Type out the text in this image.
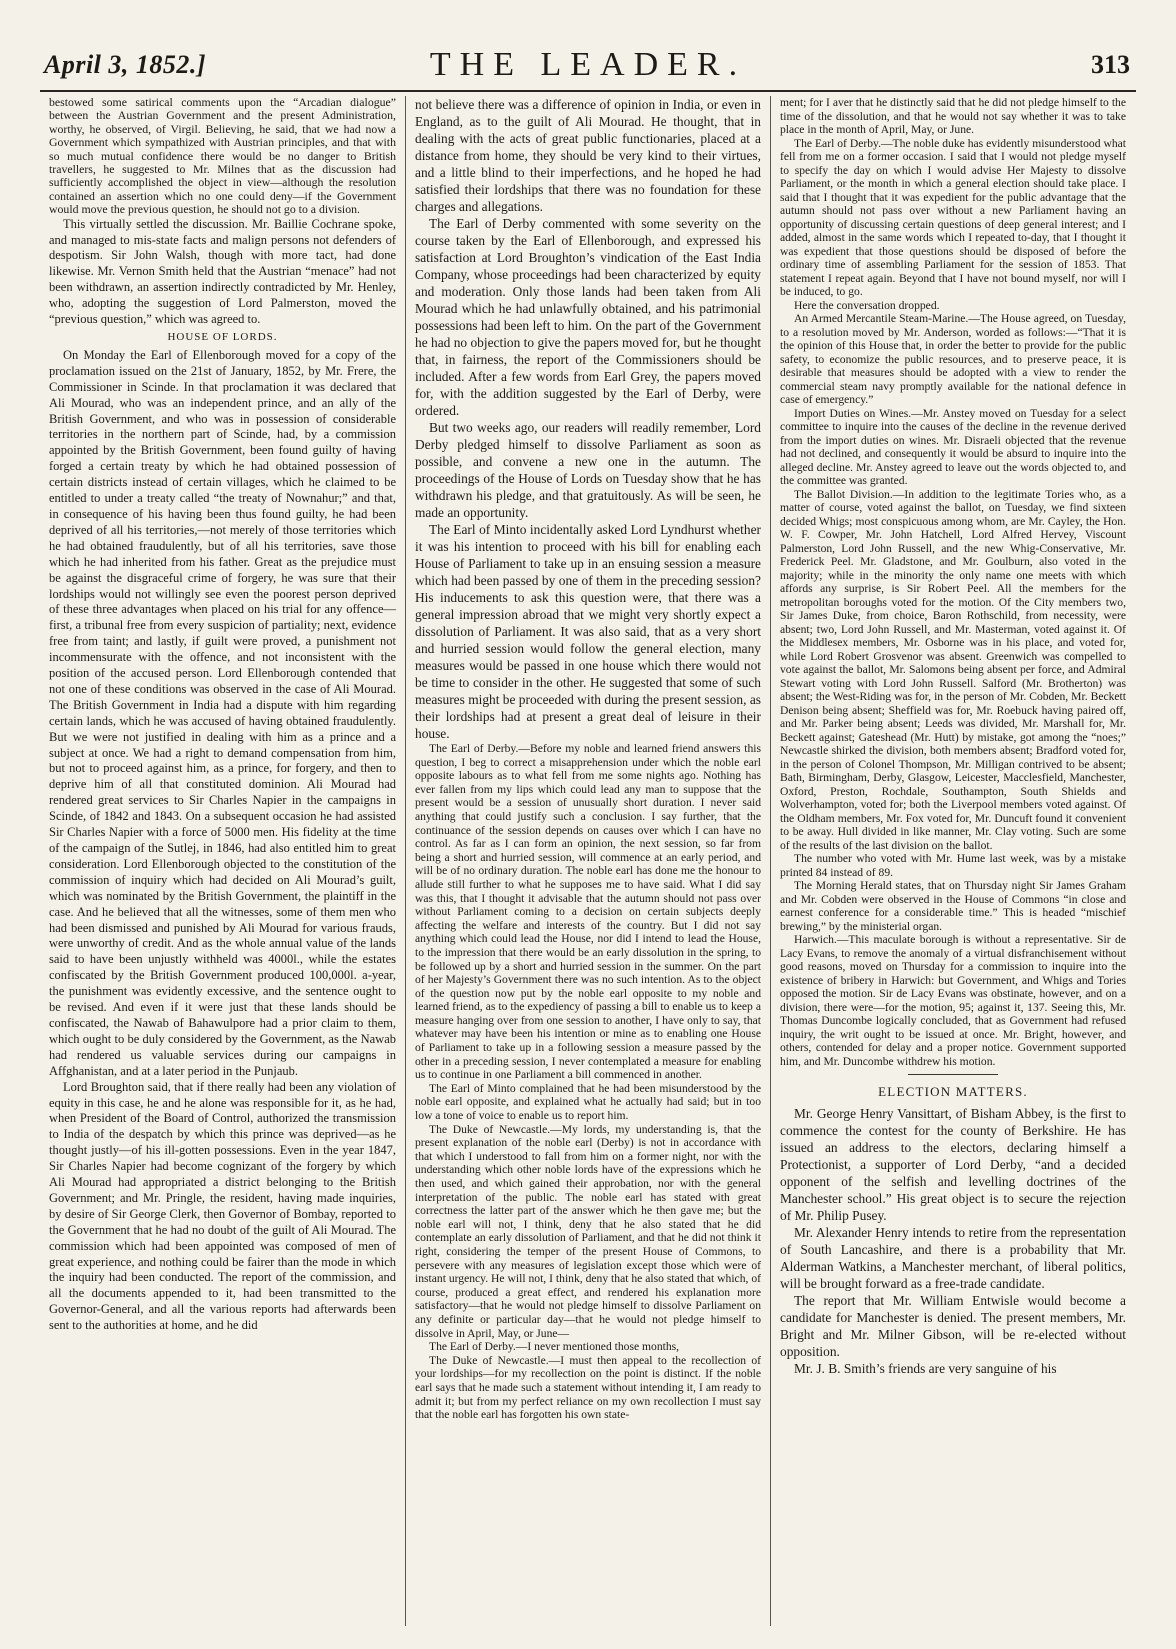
April 3, 1852.]	THE LEADER.	313

bestowed some satirical comments upon the “Arcadian dialogue” between the Austrian Government and the present Administration, worthy, he observed, of Virgil. Believing, he said, that we had now a Government which sympathized with Austrian principles, and that with so much mutual confidence there would be no danger to British travellers, he suggested to Mr. Milnes that as the discussion had sufficiently accomplished the object in view—although the resolution contained an assertion which no one could deny—if the Government would move the previous question, he should not go to a division.

This virtually settled the discussion. Mr. Baillie Cochrane spoke, and managed to mis-state facts and malign persons not defenders of despotism. Sir John Walsh, though with more tact, had done likewise. Mr. Vernon Smith held that the Austrian “menace” had not been withdrawn, an assertion indirectly contradicted by Mr. Henley, who, adopting the suggestion of Lord Palmerston, moved the “previous question,” which was agreed to.

HOUSE OF LORDS.

On Monday the Earl of Ellenborough moved for a copy of the proclamation issued on the 21st of January, 1852, by Mr. Frere, the Commissioner in Scinde. In that proclamation it was declared that Ali Mourad, who was an independent prince, and an ally of the British Government, and who was in possession of considerable territories in the northern part of Scinde, had, by a commission appointed by the British Government, been found guilty of having forged a certain treaty by which he had obtained possession of certain districts instead of certain villages, which he claimed to be entitled to under a treaty called “the treaty of Nownahur;” and that, in consequence of his having been thus found guilty, he had been deprived of all his territories,—not merely of those territories which he had obtained fraudulently, but of all his territories, save those which he had inherited from his father. Great as the prejudice must be against the disgraceful crime of forgery, he was sure that their lordships would not willingly see even the poorest person deprived of these three advantages when placed on his trial for any offence—first, a tribunal free from every suspicion of partiality; next, evidence free from taint; and lastly, if guilt were proved, a punishment not incommensurate with the offence, and not inconsistent with the position of the accused person. Lord Ellenborough contended that not one of these conditions was observed in the case of Ali Mourad. The British Government in India had a dispute with him regarding certain lands, which he was accused of having obtained fraudulently. But we were not justified in dealing with him as a prince and a subject at once. We had a right to demand compensation from him, but not to proceed against him, as a prince, for forgery, and then to deprive him of all that constituted dominion. Ali Mourad had rendered great services to Sir Charles Napier in the campaigns in Scinde, of 1842 and 1843. On a subsequent occasion he had assisted Sir Charles Napier with a force of 5000 men. His fidelity at the time of the campaign of the Sutlej, in 1846, had also entitled him to great consideration. Lord Ellenborough objected to the constitution of the commission of inquiry which had decided on Ali Mourad’s guilt, which was nominated by the British Government, the plaintiff in the case. And he believed that all the witnesses, some of them men who had been dismissed and punished by Ali Mourad for various frauds, were unworthy of credit. And as the whole annual value of the lands said to have been unjustly withheld was 4000l., while the estates confiscated by the British Government produced 100,000l. a-year, the punishment was evidently excessive, and the sentence ought to be revised. And even if it were just that these lands should be confiscated, the Nawab of Bahawulpore had a prior claim to them, which ought to be duly considered by the Government, as the Nawab had rendered us valuable services during our campaigns in Affghanistan, and at a later period in the Punjaub.

Lord Broughton said, that if there really had been any violation of equity in this case, he and he alone was responsible for it, as he had, when President of the Board of Control, authorized the transmission to India of the despatch by which this prince was deprived—as he thought justly—of his ill-gotten possessions. Even in the year 1847, Sir Charles Napier had become cognizant of the forgery by which Ali Mourad had appropriated a district belonging to the British Government; and Mr. Pringle, the resident, having made inquiries, by desire of Sir George Clerk, then Governor of Bombay, reported to the Government that he had no doubt of the guilt of Ali Mourad. The commission which had been appointed was composed of men of great experience, and nothing could be fairer than the mode in which the inquiry had been conducted. The report of the commission, and all the documents appended to it, had been transmitted to the Governor-General, and all the various reports had afterwards been sent to the authorities at home, and he did

not believe there was a difference of opinion in India, or even in England, as to the guilt of Ali Mourad. He thought, that in dealing with the acts of great public functionaries, placed at a distance from home, they should be very kind to their virtues, and a little blind to their imperfections, and he hoped he had satisfied their lordships that there was no foundation for these charges and allegations.

The Earl of Derby commented with some severity on the course taken by the Earl of Ellenborough, and expressed his satisfaction at Lord Broughton’s vindication of the East India Company, whose proceedings had been characterized by equity and moderation. Only those lands had been taken from Ali Mourad which he had unlawfully obtained, and his patrimonial possessions had been left to him. On the part of the Government he had no objection to give the papers moved for, but he thought that, in fairness, the report of the Commissioners should be included. After a few words from Earl Grey, the papers moved for, with the addition suggested by the Earl of Derby, were ordered.

But two weeks ago, our readers will readily remember, Lord Derby pledged himself to dissolve Parliament as soon as possible, and convene a new one in the autumn. The proceedings of the House of Lords on Tuesday show that he has withdrawn his pledge, and that gratuitously. As will be seen, he made an opportunity.

The Earl of Minto incidentally asked Lord Lyndhurst whether it was his intention to proceed with his bill for enabling each House of Parliament to take up in an ensuing session a measure which had been passed by one of them in the preceding session? His inducements to ask this question were, that there was a general impression abroad that we might very shortly expect a dissolution of Parliament. It was also said, that as a very short and hurried session would follow the general election, many measures would be passed in one house which there would not be time to consider in the other. He suggested that some of such measures might be proceeded with during the present session, as their lordships had at present a great deal of leisure in their house.

The Earl of Derby.—Before my noble and learned friend answers this question, I beg to correct a misapprehension under which the noble earl opposite labours as to what fell from me some nights ago. Nothing has ever fallen from my lips which could lead any man to suppose that the present would be a session of unusually short duration. I never said anything that could justify such a conclusion. I say further, that the continuance of the session depends on causes over which I can have no control. As far as I can form an opinion, the next session, so far from being a short and hurried session, will commence at an early period, and will be of no ordinary duration. The noble earl has done me the honour to allude still further to what he supposes me to have said. What I did say was this, that I thought it advisable that the autumn should not pass over without Parliament coming to a decision on certain subjects deeply affecting the welfare and interests of the country. But I did not say anything which could lead the House, nor did I intend to lead the House, to the impression that there would be an early dissolution in the spring, to be followed up by a short and hurried session in the summer. On the part of her Majesty’s Government there was no such intention. As to the object of the question now put by the noble earl opposite to my noble and learned friend, as to the expediency of passing a bill to enable us to keep a measure hanging over from one session to another, I have only to say, that whatever may have been his intention or mine as to enabling one House of Parliament to take up in a following session a measure passed by the other in a preceding session, I never contemplated a measure for enabling us to continue in one Parliament a bill commenced in another.

The Earl of Minto complained that he had been misunderstood by the noble earl opposite, and explained what he actually had said; but in too low a tone of voice to enable us to report him.

The Duke of Newcastle.—My lords, my understanding is, that the present explanation of the noble earl (Derby) is not in accordance with that which I understood to fall from him on a former night, nor with the understanding which other noble lords have of the expressions which he then used, and which gained their approbation, nor with the general interpretation of the public. The noble earl has stated with great correctness the latter part of the answer which he then gave me; but the noble earl will not, I think, deny that he also stated that he did contemplate an early dissolution of Parliament, and that he did not think it right, considering the temper of the present House of Commons, to persevere with any measures of legislation except those which were of instant urgency. He will not, I think, deny that he also stated that which, of course, produced a great effect, and rendered his explanation more satisfactory—that he would not pledge himself to dissolve Parliament on any definite or particular day—that he would not pledge himself to dissolve in April, May, or June—

The Earl of Derby.—I never mentioned those months,

The Duke of Newcastle.—I must then appeal to the recollection of your lordships—for my recollection on the point is distinct. If the noble earl says that he made such a statement without intending it, I am ready to admit it; but from my perfect reliance on my own recollection I must say that the noble earl has forgotten his own state-

ment; for I aver that he distinctly said that he did not pledge himself to the time of the dissolution, and that he would not say whether it was to take place in the month of April, May, or June.

The Earl of Derby.—The noble duke has evidently misunderstood what fell from me on a former occasion. I said that I would not pledge myself to specify the day on which I would advise Her Majesty to dissolve Parliament, or the month in which a general election should take place. I said that I thought that it was expedient for the public advantage that the autumn should not pass over without a new Parliament having an opportunity of discussing certain questions of deep general interest; and I added, almost in the same words which I repeated to-day, that I thought it was expedient that those questions should be disposed of before the ordinary time of assembling Parliament for the session of 1853. That statement I repeat again. Beyond that I have not bound myself, nor will I be induced, to go.

Here the conversation dropped.

An Armed Mercantile Steam-Marine.—The House agreed, on Tuesday, to a resolution moved by Mr. Anderson, worded as follows:—“That it is the opinion of this House that, in order the better to provide for the public safety, to economize the public resources, and to preserve peace, it is desirable that measures should be adopted with a view to render the commercial steam navy promptly available for the national defence in case of emergency.”

Import Duties on Wines.—Mr. Anstey moved on Tuesday for a select committee to inquire into the causes of the decline in the revenue derived from the import duties on wines. Mr. Disraeli objected that the revenue had not declined, and consequently it would be absurd to inquire into the alleged decline. Mr. Anstey agreed to leave out the words objected to, and the committee was granted.

The Ballot Division.—In addition to the legitimate Tories who, as a matter of course, voted against the ballot, on Tuesday, we find sixteen decided Whigs; most conspicuous among whom, are Mr. Cayley, the Hon. W. F. Cowper, Mr. John Hatchell, Lord Alfred Hervey, Viscount Palmerston, Lord John Russell, and the new Whig-Conservative, Mr. Frederick Peel. Mr. Gladstone, and Mr. Goulburn, also voted in the majority; while in the minority the only name one meets with which affords any surprise, is Sir Robert Peel. All the members for the metropolitan boroughs voted for the motion. Of the City members two, Sir James Duke, from choice, Baron Rothschild, from necessity, were absent; two, Lord John Russell, and Mr. Masterman, voted against it. Of the Middlesex members, Mr. Osborne was in his place, and voted for, while Lord Robert Grosvenor was absent. Greenwich was compelled to vote against the ballot, Mr. Salomons being absent per force, and Admiral Stewart voting with Lord John Russell. Salford (Mr. Brotherton) was absent; the West-Riding was for, in the person of Mr. Cobden, Mr. Beckett Denison being absent; Sheffield was for, Mr. Roebuck having paired off, and Mr. Parker being absent; Leeds was divided, Mr. Marshall for, Mr. Beckett against; Gateshead (Mr. Hutt) by mistake, got among the “noes;” Newcastle shirked the division, both members absent; Bradford voted for, in the person of Colonel Thompson, Mr. Milligan contrived to be absent; Bath, Birmingham, Derby, Glasgow, Leicester, Macclesfield, Manchester, Oxford, Preston, Rochdale, Southampton, South Shields and Wolverhampton, voted for; both the Liverpool members voted against. Of the Oldham members, Mr. Fox voted for, Mr. Duncuft found it convenient to be away. Hull divided in like manner, Mr. Clay voting. Such are some of the results of the last division on the ballot.

The number who voted with Mr. Hume last week, was by a mistake printed 84 instead of 89.

The Morning Herald states, that on Thursday night Sir James Graham and Mr. Cobden were observed in the House of Commons “in close and earnest conference for a considerable time.” This is headed “mischief brewing,” by the ministerial organ.

Harwich.—This maculate borough is without a representative. Sir de Lacy Evans, to remove the anomaly of a virtual disfranchisement without good reasons, moved on Thursday for a commission to inquire into the existence of bribery in Harwich: but Government, and Whigs and Tories opposed the motion. Sir de Lacy Evans was obstinate, however, and on a division, there were—for the motion, 95; against it, 137. Seeing this, Mr. Thomas Duncombe logically concluded, that as Government had refused inquiry, the writ ought to be issued at once. Mr. Bright, however, and others, contended for delay and a proper notice. Government supported him, and Mr. Duncombe withdrew his motion.

ELECTION MATTERS.

Mr. George Henry Vansittart, of Bisham Abbey, is the first to commence the contest for the county of Berkshire. He has issued an address to the electors, declaring himself a Protectionist, a supporter of Lord Derby, “and a decided opponent of the selfish and levelling doctrines of the Manchester school.” His great object is to secure the rejection of Mr. Philip Pusey.

Mr. Alexander Henry intends to retire from the representation of South Lancashire, and there is a probability that Mr. Alderman Watkins, a Manchester merchant, of liberal politics, will be brought forward as a free-trade candidate.

The report that Mr. William Entwisle would become a candidate for Manchester is denied. The present members, Mr. Bright and Mr. Milner Gibson, will be re-elected without opposition.

Mr. J. B. Smith’s friends are very sanguine of his
